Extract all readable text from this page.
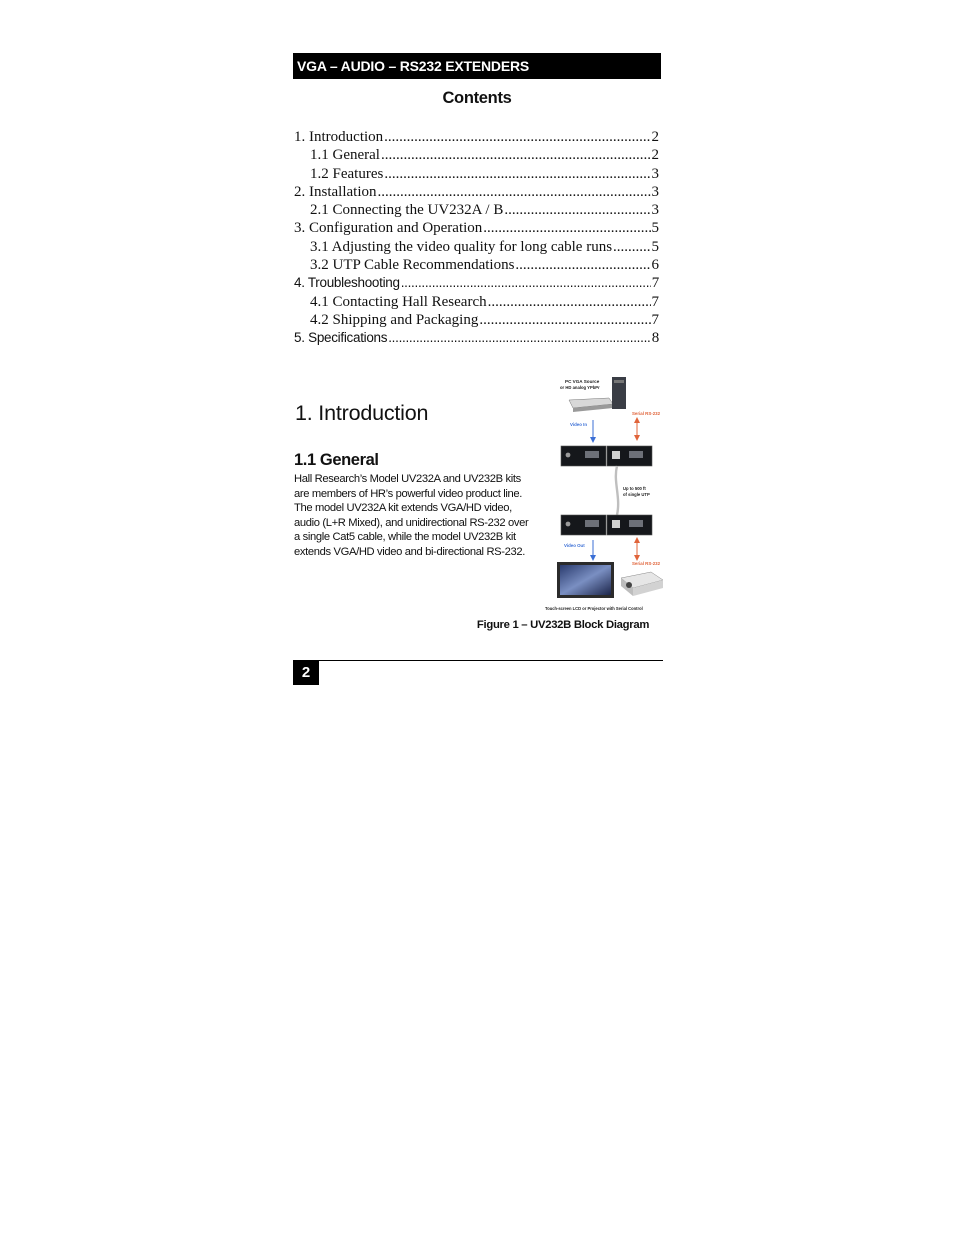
VGA – AUDIO – RS232 EXTENDERS
Contents
1. Introduction .....	2
1.1 General .....	2
1.2 Features .....	3
2. Installation .....	3
2.1 Connecting the UV232A / B .....	3
3. Configuration and Operation .....	5
3.1 Adjusting the video quality for long cable runs .....	5
3.2 UTP Cable Recommendations .....	6
4. Troubleshooting .....	7
4.1 Contacting Hall Research .....	7
4.2 Shipping and Packaging .....	7
5. Specifications .....	8
1. Introduction
1.1 General
Hall Research’s Model UV232A and UV232B kits are members of HR’s powerful video product line. The model UV232A kit extends VGA/HD video, audio (L+R Mixed), and unidirectional RS-232 over a single Cat5 cable, while the model UV232B kit extends VGA/HD video and bi-directional RS-232.
PC VGA Source
or HD analog YPbPr
Serial RS-232
Video In
Up to 500 ft
of single UTP
Video Out
Serial RS-232
Touch-screen LCD or Projector with Serial Control
Figure 1 – UV232B Block Diagram
2
